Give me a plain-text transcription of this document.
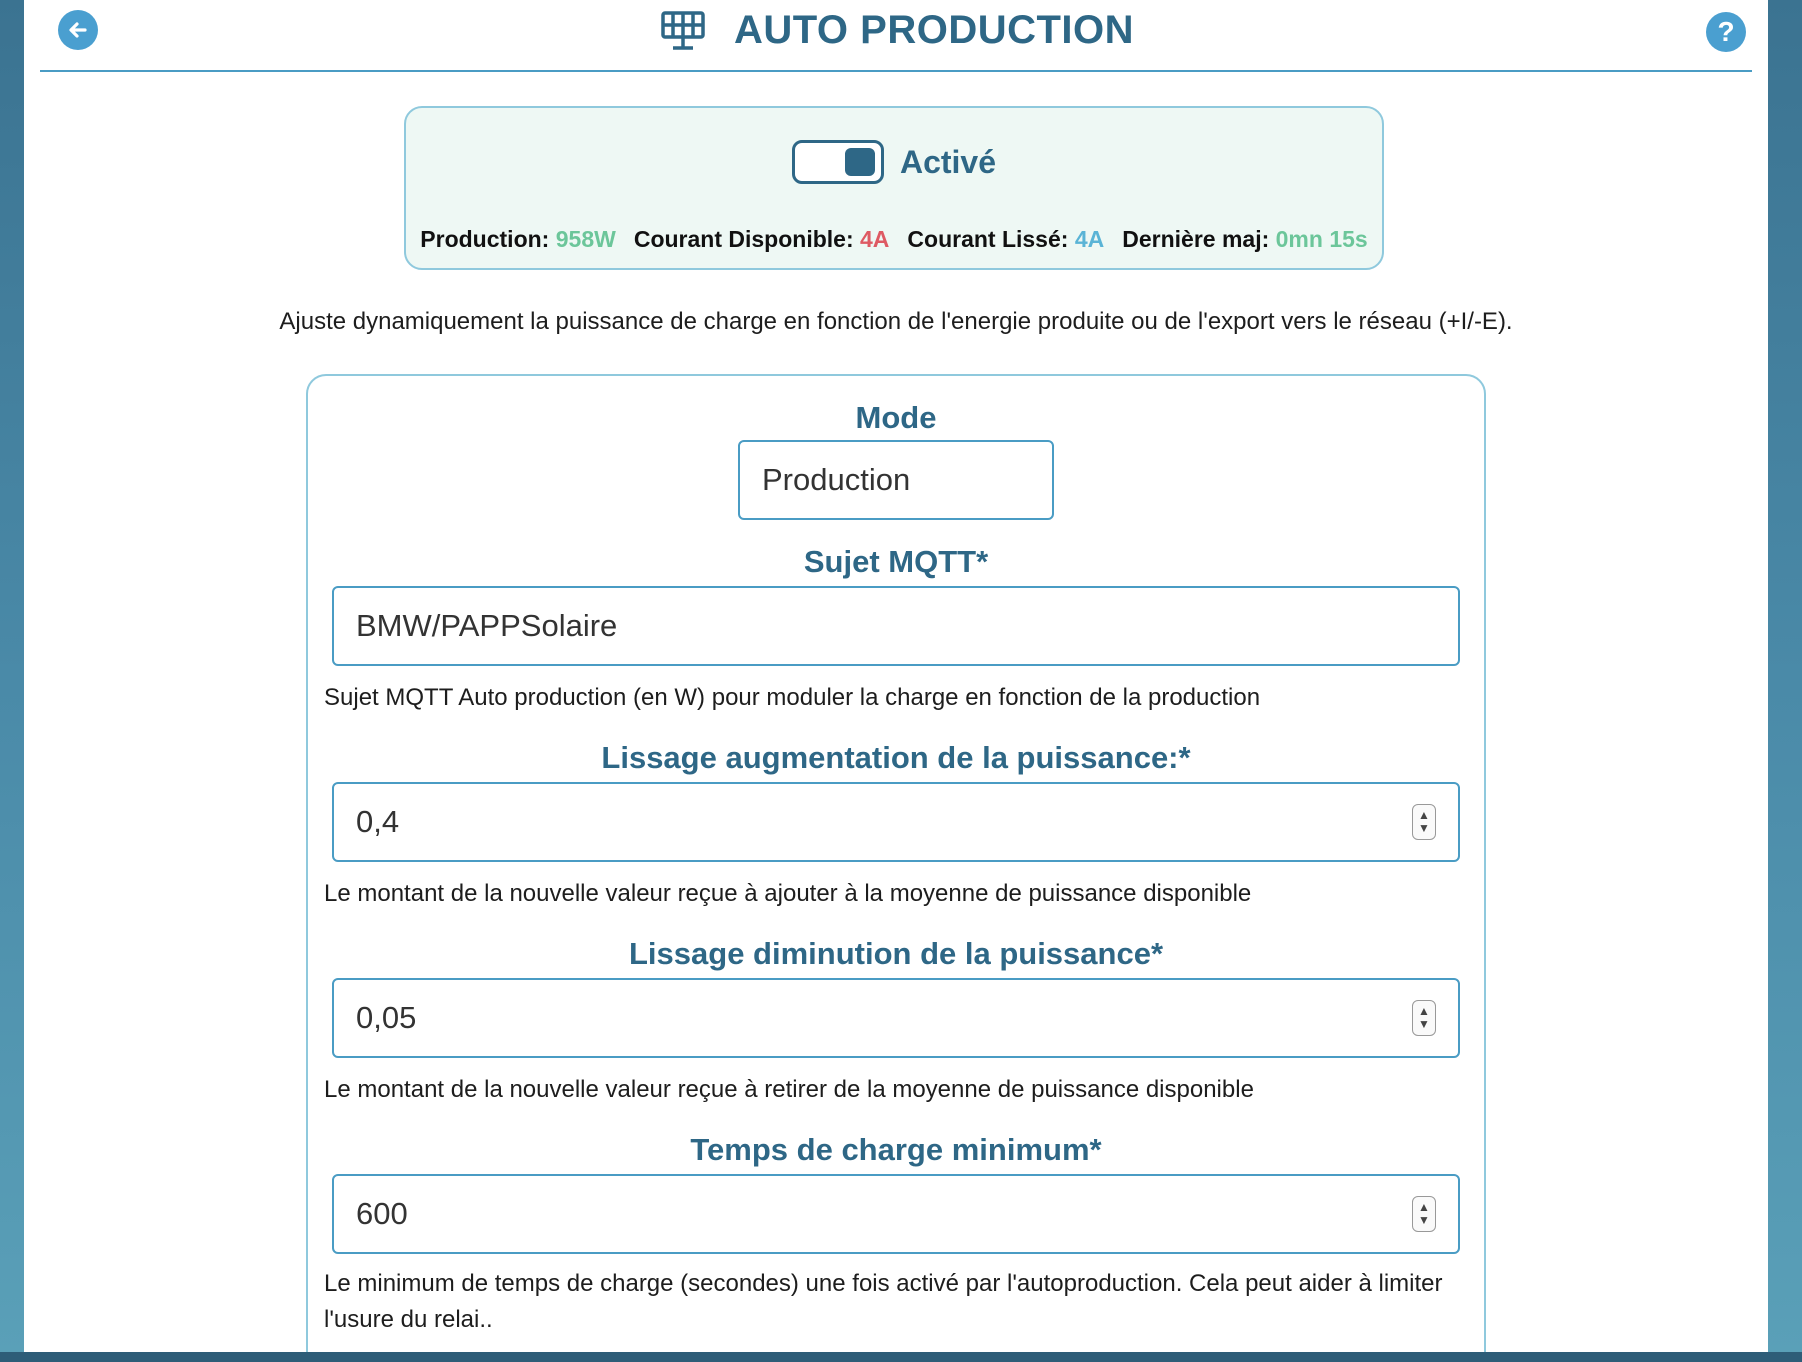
AUTO PRODUCTION	?
Activé
Production: 958W Courant Disponible: 4A Courant Lissé: 4A Dernière maj: 0mn 15s
Ajuste dynamiquement la puissance de charge en fonction de l'energie produite ou de l'export vers le réseau (+I/-E).
Mode
Production
Sujet MQTT*
BMW/PAPPSolaire
Sujet MQTT Auto production (en W) pour moduler la charge en fonction de la production
Lissage augmentation de la puissance:*
0,4	▲
▼
Le montant de la nouvelle valeur reçue à ajouter à la moyenne de puissance disponible
Lissage diminution de la puissance*
0,05	▲
▼
Le montant de la nouvelle valeur reçue à retirer de la moyenne de puissance disponible
Temps de charge minimum*
600	▲
▼
Le minimum de temps de charge (secondes) une fois activé par l'autoproduction. Cela peut aider à limiter l'usure du relai..
